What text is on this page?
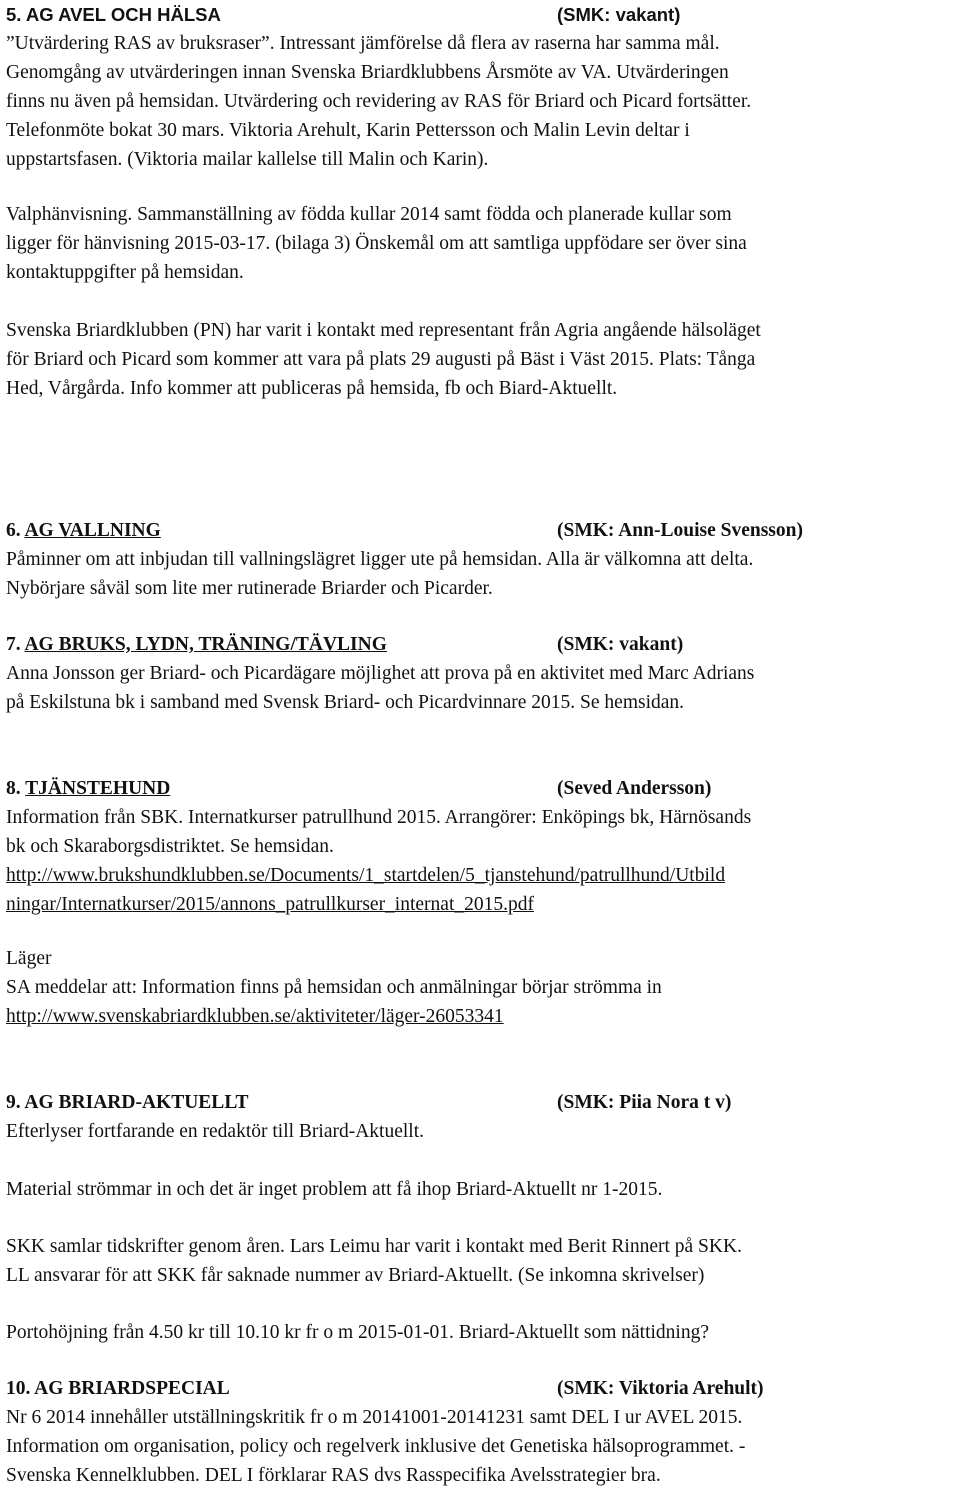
5. AG AVEL OCH HÄLSA	(SMK: vakant)
”Utvärdering RAS av bruksraser”. Intressant jämförelse då flera av raserna har samma mål.
Genomgång av utvärderingen innan Svenska Briardklubbens Årsmöte av VA. Utvärderingen
finns nu även på hemsidan. Utvärdering och revidering av RAS för Briard och Picard fortsätter.
Telefonmöte bokat 30 mars. Viktoria Arehult, Karin Pettersson och Malin Levin deltar i
uppstartsfasen. (Viktoria mailar kallelse till Malin och Karin).
Valphänvisning. Sammanställning av födda kullar 2014 samt födda och planerade kullar som
ligger för hänvisning 2015-03-17. (bilaga 3) Önskemål om att samtliga uppfödare ser över sina
kontaktuppgifter på hemsidan.
Svenska Briardklubben (PN) har varit i kontakt med representant från Agria angående hälsoläget
för Briard och Picard som kommer att vara på plats 29 augusti på Bäst i Väst 2015. Plats: Tånga
Hed, Vårgårda. Info kommer att publiceras på hemsida, fb och Biard-Aktuellt.
6. AG VALLNING	(SMK: Ann-Louise Svensson)
Påminner om att inbjudan till vallningslägret ligger ute på hemsidan. Alla är välkomna att delta.
Nybörjare såväl som lite mer rutinerade Briarder och Picarder.
7. AG BRUKS, LYDN, TRÄNING/TÄVLING	(SMK: vakant)
Anna Jonsson ger Briard- och Picardägare möjlighet att prova på en aktivitet med Marc Adrians
på Eskilstuna bk i samband med Svensk Briard- och Picardvinnare 2015. Se hemsidan.
8. TJÄNSTEHUND	(Seved Andersson)
Information från SBK. Internatkurser patrullhund 2015. Arrangörer: Enköpings bk, Härnösands
bk och Skaraborgsdistriktet. Se hemsidan.
http://www.brukshundklubben.se/Documents/1_startdelen/5_tjanstehund/patrullhund/Utbild
ningar/Internatkurser/2015/annons_patrullkurser_internat_2015.pdf
Läger
SA meddelar att: Information finns på hemsidan och anmälningar börjar strömma in
http://www.svenskabriardklubben.se/aktiviteter/läger-26053341
9. AG BRIARD-AKTUELLT	(SMK: Piia Nora t v)
Efterlyser fortfarande en redaktör till Briard-Aktuellt.
Material strömmar in och det är inget problem att få ihop Briard-Aktuellt nr 1-2015.
SKK samlar tidskrifter genom åren. Lars Leimu har varit i kontakt med Berit Rinnert på SKK.
LL ansvarar för att SKK får saknade nummer av Briard-Aktuellt. (Se inkomna skrivelser)
Portohöjning från 4.50 kr till 10.10 kr fr o m 2015-01-01. Briard-Aktuellt som nättidning?
10. AG BRIARDSPECIAL	(SMK: Viktoria Arehult)
Nr 6 2014 innehåller utställningskritik fr o m 20141001-20141231 samt DEL I ur AVEL 2015.
Information om organisation, policy och regelverk inklusive det Genetiska hälsoprogrammet. -
Svenska Kennelklubben. DEL I förklarar RAS dvs Rasspecifika Avelsstrategier bra.
